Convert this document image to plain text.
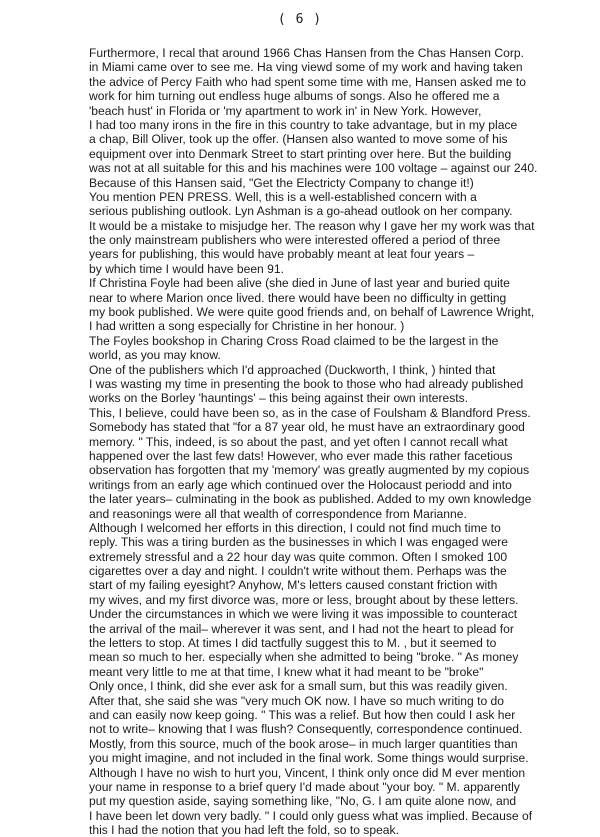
( 6 )
Furthermore, I recal that around 1966 Chas Hansen from the Chas Hansen Corp.
in Miami came over to see me. Ha ving viewd some of my work and having taken
the advice of Percy Faith who had spent some time with me, Hansen asked me to
work for him turning out endless huge albums of songs. Also he offered me a
'beach hust' in Florida or 'my apartment to work in' in New York. However,
I had too many irons in the fire in this country to take advantage, but in my place
a chap, Bill Oliver, took up the offer. (Hansen also wanted to move some of his
equipment over into Denmark Street to start printing over here. But the building
was not at all suitable for this and his machines were 100 voltage – against our 240.
Because of this Hansen said, "Get the Electricty Company to change it!)
You mention PEN PRESS. Well, this is a well-established concern with a
serious publishing outlook. Lyn Ashman is a go-ahead outlook on her company.
It would be a mistake to misjudge her. The reason why I gave her my work was that
the only mainstream publishers who were interested offered a period of three
years for publishing, this would have probably meant at leat four years –
by which time I would have been 91.
If Christina Foyle had been alive (she died in June of last year and buried quite
near to where Marion once lived. there would have been no difficulty in getting
my book published. We were quite good friends and, on behalf of Lawrence Wright,
I had written a song especially for Christine in her honour. )
The Foyles bookshop in Charing Cross Road claimed to be the largest in the
world, as you may know.
One of the publishers which I'd approached (Duckworth, I think, ) hinted that
I was wasting my time in presenting the book to those who had already published
works on the Borley 'hauntings' – this being against their own interests.
This, I believe, could have been so, as in the case of Foulsham & Blandford Press.
Somebody has stated that "for a 87 year old, he must have an extraordinary good
memory. " This, indeed, is so about the past, and yet often I cannot recall what
happened over the last few dats! However, who ever made this rather facetious
observation has forgotten that my 'memory' was greatly augmented by my copious
writings from an early age which continued over the Holocaust periodd and into
the later years– culminating in the book as published. Added to my own knowledge
and reasonings were all that wealth of correspondence from Marianne.
Although I welcomed her efforts in this direction, I could not find much time to
reply. This was a tiring burden as the businesses in which I was engaged were
extremely stressful and a 22 hour day was quite common. Often I smoked 100
cigarettes over a day and night. I couldn't write without them. Perhaps was the
start of my failing eyesight? Anyhow, M's letters caused constant friction with
my wives, and my first divorce was, more or less, brought about by these letters.
Under the circumstances in which we were living it was impossible to counteract
the arrival of the mail– wherever it was sent, and I had not the heart to plead for
the letters to stop. At times I did tactfully suggest this to M. , but it seemed to
mean so much to her. especially when she admitted to being "broke. " As money
meant very little to me at that time, I knew what it had meant to be "broke"
Only once, I think, did she ever ask for a small sum, but this was readily given.
After that, she said she was "very much OK now. I have so much writing to do
and can easily now keep going. " This was a relief. But how then could I ask her
not to write– knowing that I was flush? Consequently, correspondence continued.
Mostly, from this source, much of the book arose– in much larger quantities than
you might imagine, and not included in the final work. Some things would surprise.
Although I have no wish to hurt you, Vincent, I think only once did M ever mention
your name in response to a brief query I'd made about "your boy. " M. apparently
put my question aside, saying something like, "No, G. I am quite alone now, and
I have been let down very badly. " I could only guess what was implied. Because of
this I had the notion that you had left the fold, so to speak.
